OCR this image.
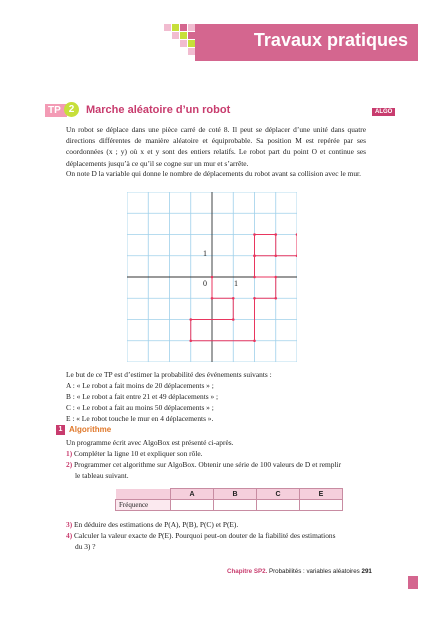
Travaux pratiques
TP 2	Marche aléatoire d’un robot	ALGO
Un robot se déplace dans une pièce carré de coté 8. Il peut se déplacer d’une unité dans quatre directions différentes de manière aléatoire et équiprobable. Sa position M est repérée par ses coordonnées (x ; y) où x et y sont des entiers relatifs. Le robot part du point O et continue ses déplacements jusqu’à ce qu’il se cogne sur un mur et s’arrête.
On note D la variable qui donne le nombre de déplacements du robot avant sa collision avec le mur.
1
0	1
Le but de ce TP est d’estimer la probabilité des événements suivants :
A : « Le robot a fait moins de 20 déplacements » ;
B : « Le robot a fait entre 21 et 49 déplacements » ;
C : « Le robot a fait au moins 50 déplacements » ;
E : « Le robot touche le mur en 4 déplacements ».
1 Algorithme
Un programme écrit avec AlgoBox est présenté ci-après.
1) Compléter la ligne 10 et expliquer son rôle.
2) Programmer cet algorithme sur AlgoBox. Obtenir une série de 100 valeurs de D et remplir
le tableau suivant.
	A	B	C	E
Fréquence				
3) En déduire des estimations de P(A), P(B), P(C) et P(E).
4) Calculer la valeur exacte de P(E). Pourquoi peut-on douter de la fiabilité des estimations
du 3) ?
Chapitre SP2. Probabilités : variables aléatoires 291
